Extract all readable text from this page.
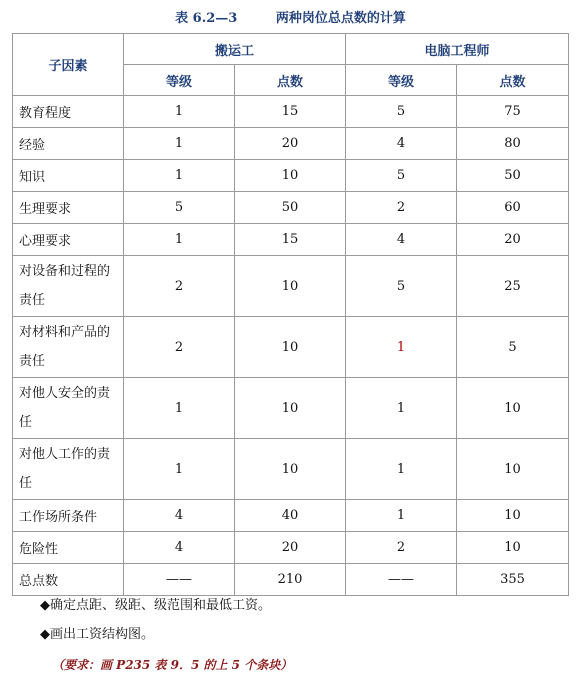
表 6.2—3	两种岗位总点数的计算
子因素	搬运工		电脑工程师	
	等级	点数	等级	点数
教育程度	1	15	5	75
经验	1	20	4	80
知识	1	10	5	50
生理要求	5	50	2	60
心理要求	1	15	4	20
对设备和过程的责任	2	10	5	25
对材料和产品的责任	2	10	1	5
对他人安全的责任	1	10	1	10
对他人工作的责任	1	10	1	10
工作场所条件	4	40	1	10
危险性	4	20	2	10
总点数	——	210	——	355
◆确定点距、级距、级范围和最低工资。
◆画出工资结构图。
（要求：画 P235 表 9．5 的上 5 个条块）
